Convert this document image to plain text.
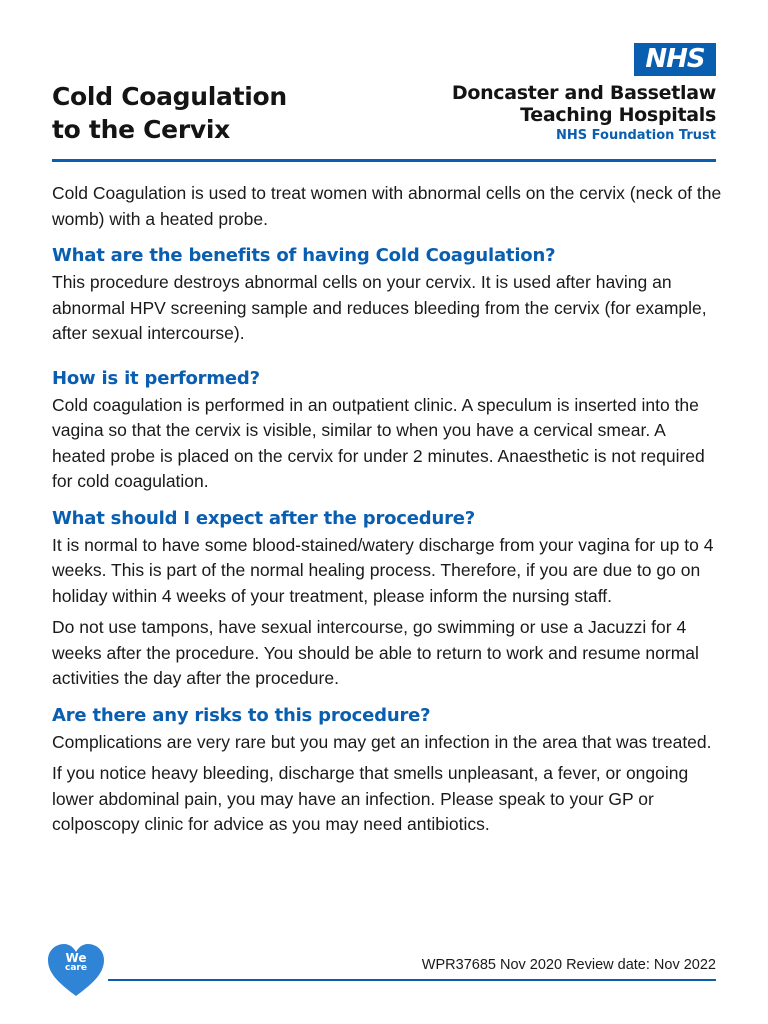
Cold Coagulation
to the Cervix
NHS
Doncaster and Bassetlaw
Teaching Hospitals
NHS Foundation Trust

Cold Coagulation is used to treat women with abnormal cells on the cervix (neck of the womb) with a heated probe.

What are the benefits of having Cold Coagulation?

This procedure destroys abnormal cells on your cervix. It is used after having an abnormal HPV screening sample and reduces bleeding from the cervix (for example, after sexual intercourse).

How is it performed?

Cold coagulation is performed in an outpatient clinic. A speculum is inserted into the vagina so that the cervix is visible, similar to when you have a cervical smear. A heated probe is placed on the cervix for under 2 minutes. Anaesthetic is not required for cold coagulation.

What should I expect after the procedure?

It is normal to have some blood-stained/watery discharge from your vagina for up to 4 weeks. This is part of the normal healing process. Therefore, if you are due to go on holiday within 4 weeks of your treatment, please inform the nursing staff.

Do not use tampons, have sexual intercourse, go swimming or use a Jacuzzi for 4 weeks after the procedure. You should be able to return to work and resume normal activities the day after the procedure.

Are there any risks to this procedure?

Complications are very rare but you may get an infection in the area that was treated.

If you notice heavy bleeding, discharge that smells unpleasant, a fever, or ongoing lower abdominal pain, you may have an infection. Please speak to your GP or colposcopy clinic for advice as you may need antibiotics.

We
care	WPR37685 Nov 2020 Review date: Nov 2022
